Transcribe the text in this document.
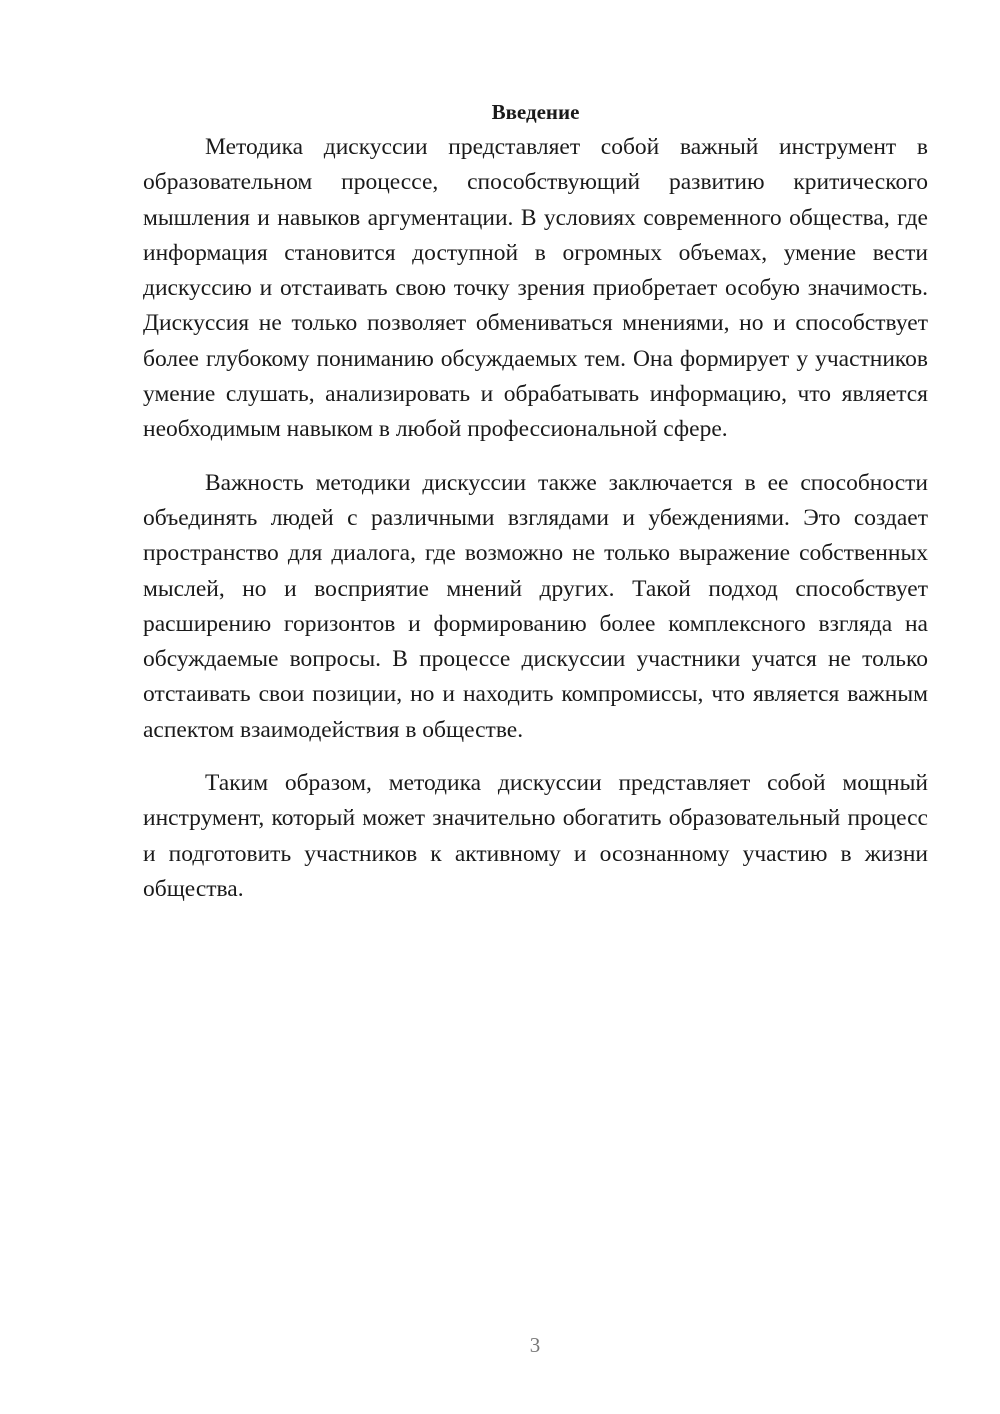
Введение

Методика дискуссии представляет собой важный инструмент в образовательном процессе, способствующий развитию критического мышления и навыков аргументации. В условиях современного общества, где информация становится доступной в огромных объемах, умение вести дискуссию и отстаивать свою точку зрения приобретает особую значимость. Дискуссия не только позволяет обмениваться мнениями, но и способствует более глубокому пониманию обсуждаемых тем. Она формирует у участников умение слушать, анализировать и обрабатывать информацию, что является необходимым навыком в любой профессиональной сфере.

Важность методики дискуссии также заключается в ее способности объединять людей с различными взглядами и убеждениями. Это создает пространство для диалога, где возможно не только выражение собственных мыслей, но и восприятие мнений других. Такой подход способствует расширению горизонтов и формированию более комплексного взгляда на обсуждаемые вопросы. В процессе дискуссии участники учатся не только отстаивать свои позиции, но и находить компромиссы, что является важным аспектом взаимодействия в обществе.

Таким образом, методика дискуссии представляет собой мощный инструмент, который может значительно обогатить образовательный процесс и подготовить участников к активному и осознанному участию в жизни общества.

3
